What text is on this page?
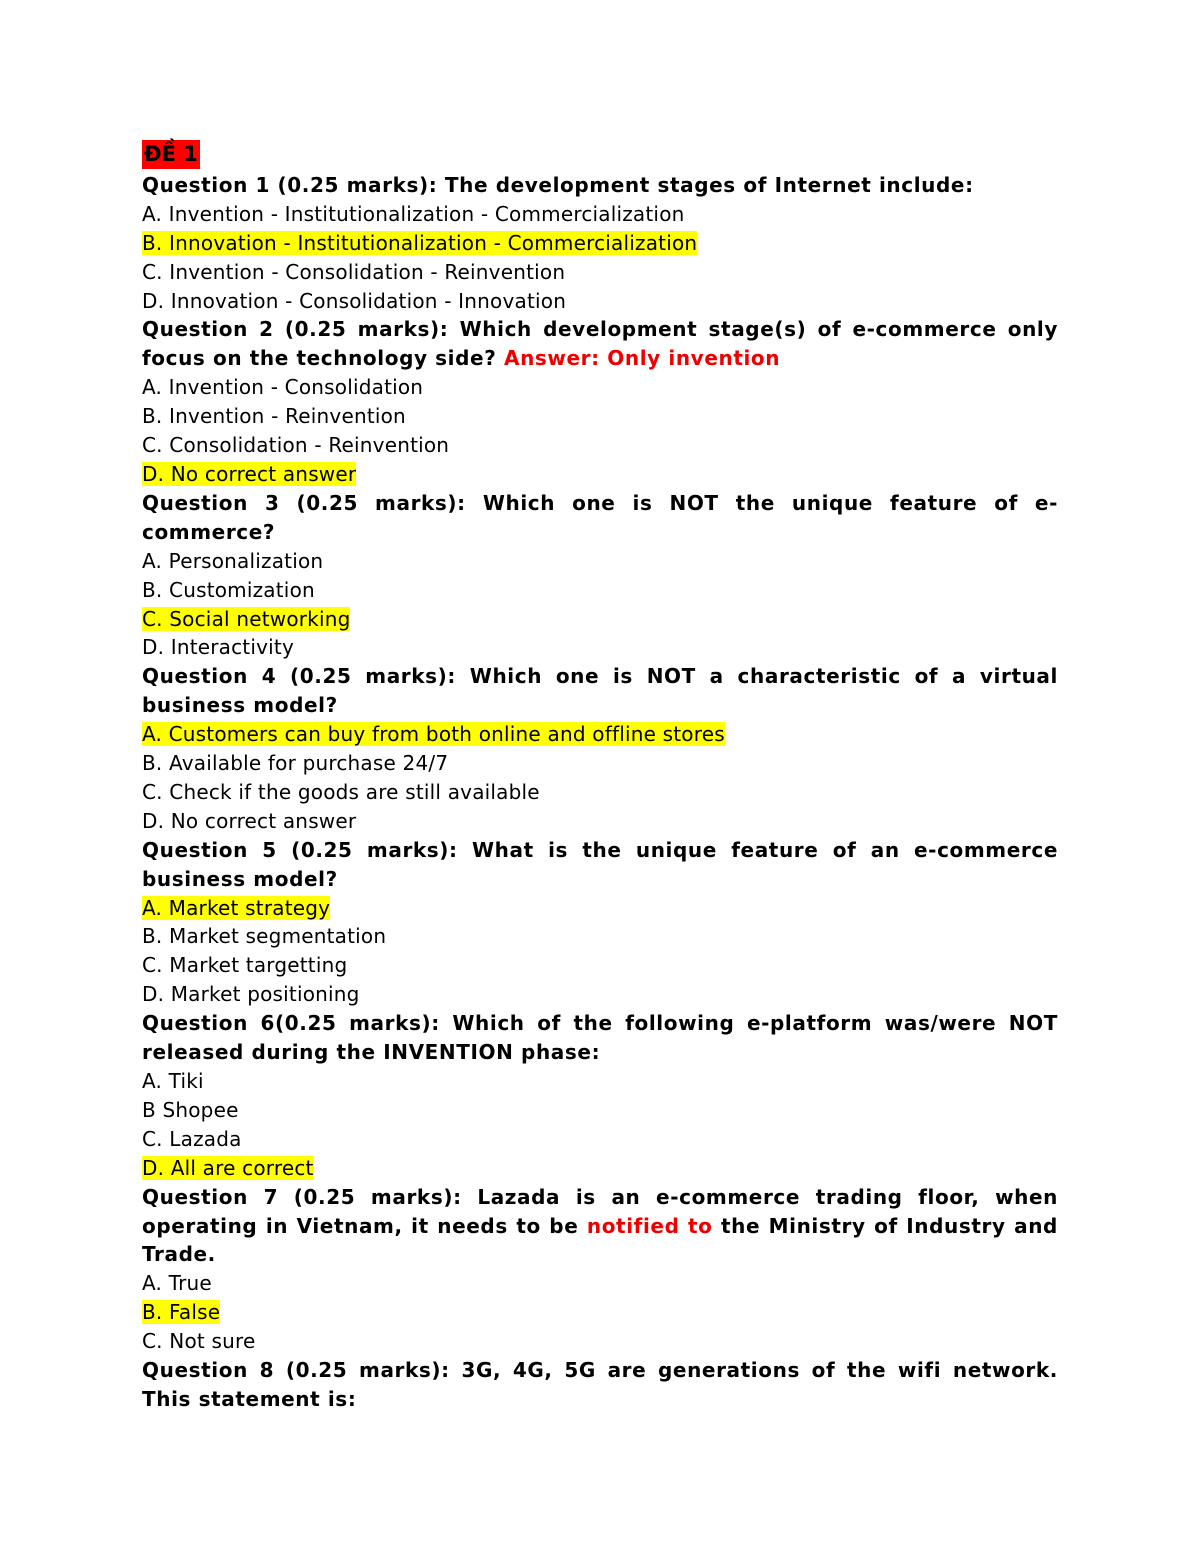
ĐỀ 1
Question 1 (0.25 marks): The development stages of Internet include:
A. Invention - Institutionalization - Commercialization
B. Innovation - Institutionalization - Commercialization
C. Invention - Consolidation - Reinvention
D. Innovation - Consolidation - Innovation
Question 2 (0.25 marks): Which development stage(s) of e-commerce only focus on the technology side? Answer: Only invention
A. Invention - Consolidation
B. Invention - Reinvention
C. Consolidation - Reinvention
D. No correct answer
Question 3 (0.25 marks): Which one is NOT the unique feature of e-commerce?
A. Personalization
B. Customization
C. Social networking
D. Interactivity
Question 4 (0.25 marks): Which one is NOT a characteristic of a virtual business model?
A. Customers can buy from both online and offline stores
B. Available for purchase 24/7
C. Check if the goods are still available
D. No correct answer
Question 5 (0.25 marks): What is the unique feature of an e-commerce business model?
A. Market strategy
B. Market segmentation
C. Market targetting
D. Market positioning
Question 6(0.25 marks): Which of the following e-platform was/were NOT released during the INVENTION phase:
A. Tiki
B Shopee
C. Lazada
D. All are correct
Question 7 (0.25 marks): Lazada is an e-commerce trading floor, when operating in Vietnam, it needs to be notified to the Ministry of Industry and Trade.
A. True
B. False
C. Not sure
Question 8 (0.25 marks): 3G, 4G, 5G are generations of the wifi network. This statement is:
